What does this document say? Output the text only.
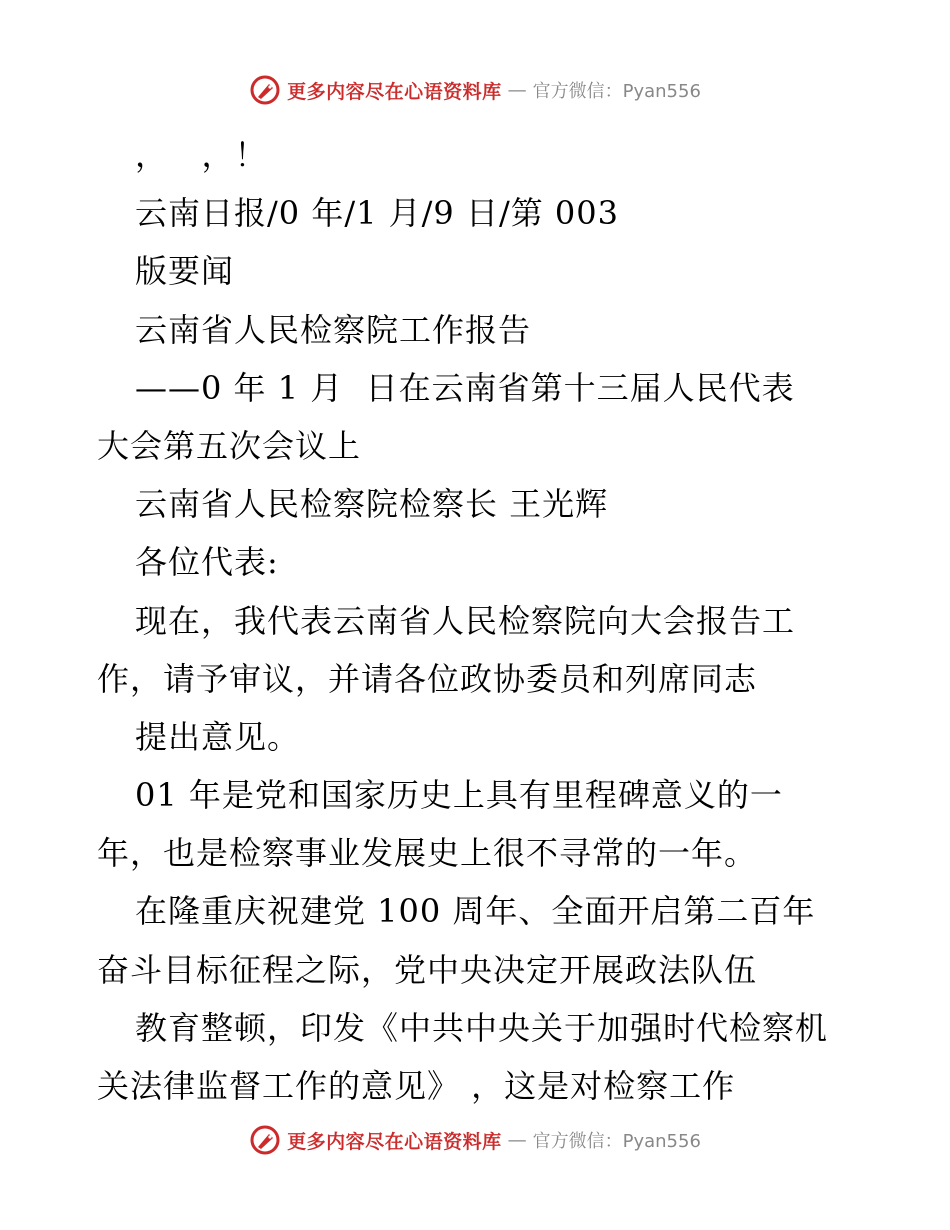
更多内容尽在心语资料库 — 官方微信：Pyan556
，   ，！
云南日报/0 年/1 月/9 日/第 003
版要闻
云南省人民检察院工作报告
——0 年 1 月  日在云南省第十三届人民代表
大会第五次会议上
云南省人民检察院检察长 王光辉
各位代表:
现在，我代表云南省人民检察院向大会报告工
作，请予审议，并请各位政协委员和列席同志
提出意见。
01 年是党和国家历史上具有里程碑意义的一
年，也是检察事业发展史上很不寻常的一年。
在隆重庆祝建党 100 周年、全面开启第二百年
奋斗目标征程之际，党中央决定开展政法队伍
教育整顿，印发《中共中央关于加强时代检察机
关法律监督工作的意见》 ，这是对检察工作
更多内容尽在心语资料库 — 官方微信：Pyan556
